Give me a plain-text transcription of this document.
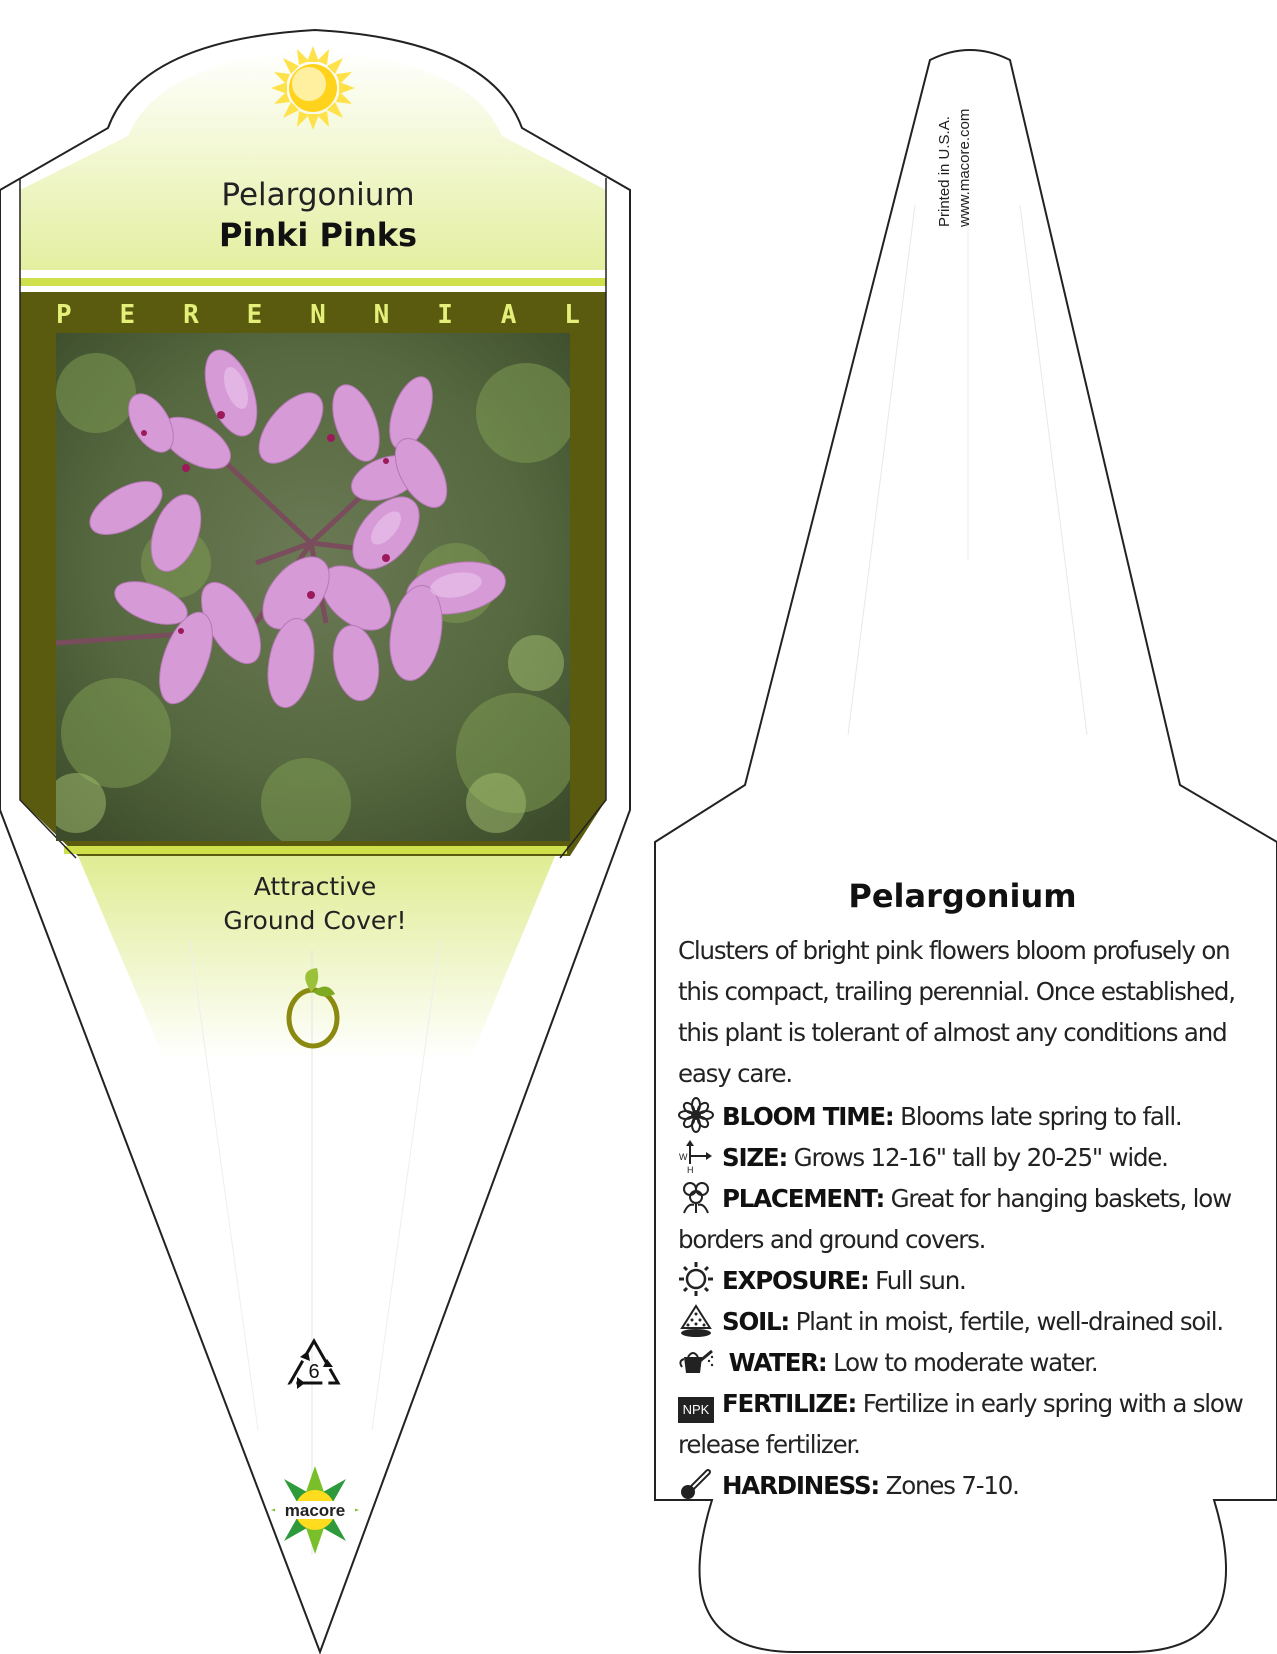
Pelargonium
Pinki Pinks
P E R E N N I A L
Attractive
Ground Cover!
6
macore
Printed in U.S.A. www.macore.com
Pelargonium

Clusters of bright pink flowers bloom profusely on this compact, trailing perennial. Once established, this plant is tolerant of almost any conditions and easy care.

BLOOM TIME: Blooms late spring to fall.

W
H SIZE: Grows 12-16" tall by 20-25" wide.

PLACEMENT: Great for hanging baskets, low borders and ground covers.

EXPOSURE: Full sun.

SOIL: Plant in moist, fertile, well-drained soil.

WATER: Low to moderate water.

NPK FERTILIZE: Fertilize in early spring with a slow release fertilizer.

HARDINESS: Zones 7-10.
